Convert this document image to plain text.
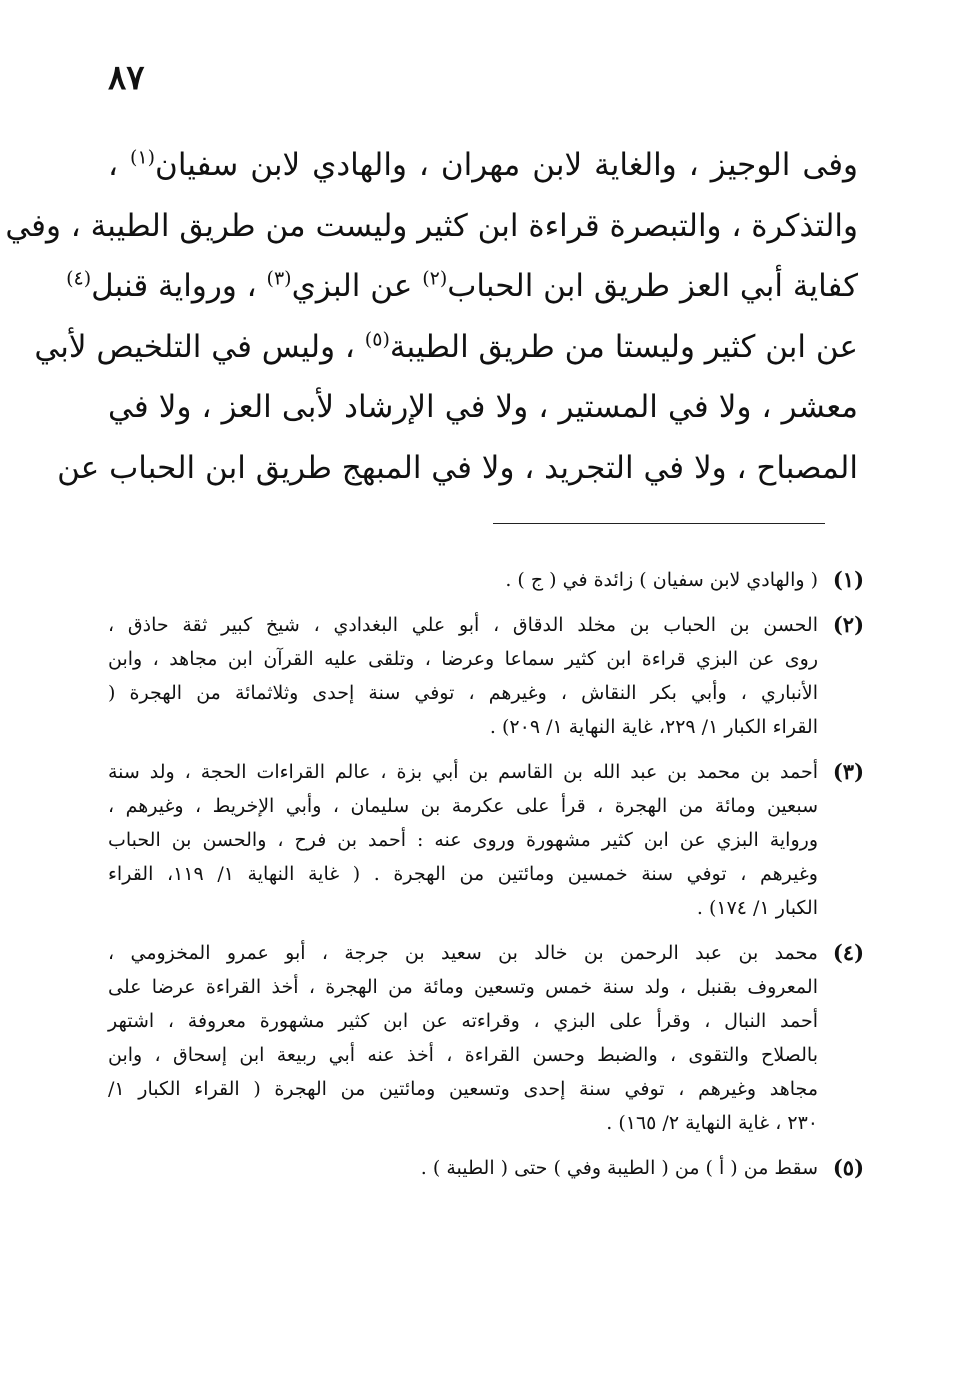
٨٧
وفى الوجيز ، والغاية لابن مهران ، والهادي لابن سفيان$^{(١)}$ ،
والتذكرة ، والتبصرة قراءة ابن كثير وليست من طريق الطيبة ، وفي
كفاية أبي العز طريق ابن الحباب$^{(٢)}$ عن البزي$^{(٣)}$ ، ورواية قنبل$^{(٤)}$
عن ابن كثير وليستا من طريق الطيبة$^{(٥)}$ ، وليس في التلخيص لأبي
معشر ، ولا في المستير ، ولا في الإرشاد لأبى العز ، ولا في
المصباح ، ولا في التجريد ، ولا في المبهج طريق ابن الحباب عن
(١)
( والهادي لابن سفيان ) زائدة في ( ج ) .
(٢)
الحسن بن الحباب بن مخلد الدقاق ، أبو علي البغدادي ، شيخ كبير ثقة حاذق ،
روى عن البزي قراءة ابن كثير سماعا وعرضا ، وتلقى عليه القرآن ابن مجاهد ، وابن
الأنباري ، وأبي بكر النقاش ، وغيرهم ، توفي سنة إحدى وثلاثمائة من الهجرة (
القراء الكبار ١/ ٢٢٩، غاية النهاية ١/ ٢٠٩) .
(٣)
أحمد بن محمد بن عبد الله بن القاسم بن أبي بزة ، عالم القراءات الحجة ، ولد سنة
سبعين ومائة من الهجرة ، قرأ على عكرمة بن سليمان ، وأبي الإخريط ، وغيرهم ،
ورواية البزي عن ابن كثير مشهورة وروى عنه : أحمد بن فرح ، والحسن بن الحباب
وغيرهم ، توفي سنة خمسين ومائتين من الهجرة . ( غاية النهاية ١/ ١١٩، القراء
الكبار ١/ ١٧٤) .
(٤)
محمد بن عبد الرحمن بن خالد بن سعيد بن جرجة ، أبو عمرو المخزومي ،
المعروف بقنبل ، ولد سنة خمس وتسعين ومائة من الهجرة ، أخذ القراءة عرضا على
أحمد النبال ، وقرأ على البزي ، وقراءته عن ابن كثير مشهورة معروفة ، اشتهر
بالصلاح والتقوى ، والضبط وحسن القراءة ، أخذ عنه أبي ربيعة ابن إسحاق ، وابن
مجاهد وغيرهم ، توفي سنة إحدى وتسعين ومائتين من الهجرة ( القراء الكبار ١/
٢٣٠ ، غاية النهاية ٢/ ١٦٥) .
(٥)
سقط من ( أ ) من ( الطيبة وفي ) حتى ( الطيبة ) .
